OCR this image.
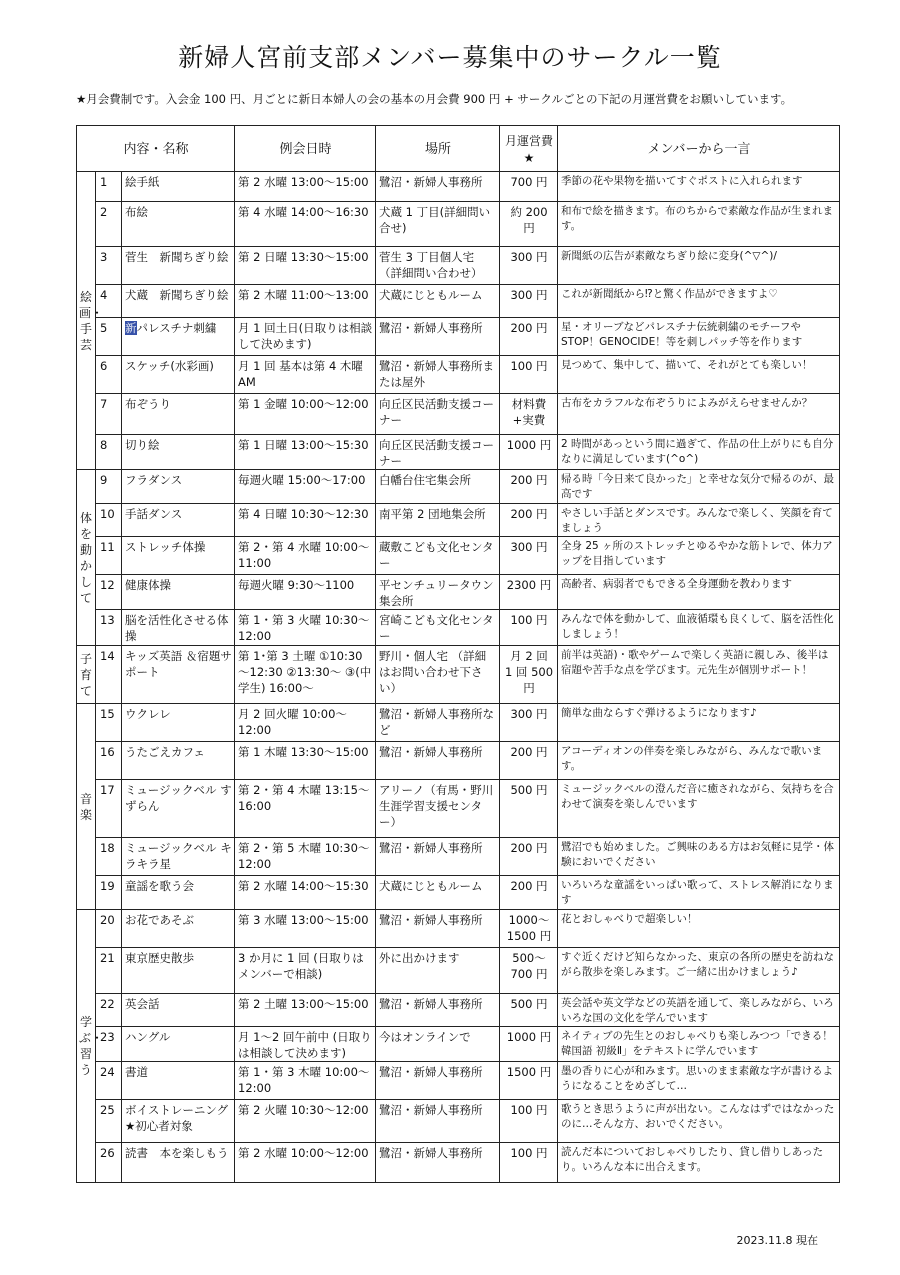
新婦人宮前支部メンバー募集中のサークル一覧
★月会費制です。入会金 100 円、月ごとに新日本婦人の会の基本の月会費 900 円 + サークルごとの下記の月運営費をお願いしています。
内容・名称			例会日時	場所	月運営費★	メンバーから一言

絵画・手芸	1	絵手紙	第 2 水曜 13:00～15:00	鷺沼・新婦人事務所	700 円	季節の花や果物を描いてすぐポストに入れられます
	2	布絵	第 4 水曜 14:00～16:30	犬蔵 1 丁目(詳細問い合せ)	約 200 円	和布で絵を描きます。布のちからで素敵な作品が生まれます。
	3	菅生　新聞ちぎり絵	第 2 日曜 13:30～15:00	菅生 3 丁目個人宅（詳細問い合わせ）	300 円	新聞紙の広告が素敵なちぎり絵に変身(^▽^)/
	4	犬蔵　新聞ちぎり絵	第 2 木曜 11:00～13:00	犬蔵にじともルーム	300 円	これが新聞紙から⁉と驚く作品ができますよ♡
	5	新パレスチナ刺繍	月 1 回土日(日取りは相談して決めます)	鷺沼・新婦人事務所	200 円	星・オリーブなどパレスチナ伝統刺繍のモチーフや STOP！GENOCIDE！等を刺しパッチ等を作ります
	6	スケッチ(水彩画)	月 1 回 基本は第 4 木曜 AM	鷺沼・新婦人事務所または屋外	100 円	見つめて、集中して、描いて、それがとても楽しい！
	7	布ぞうり	第 1 金曜 10:00～12:00	向丘区民活動支援コーナー	材料費+実費	古布をカラフルな布ぞうりによみがえらせませんか？
	8	切り絵	第 1 日曜 13:00～15:30	向丘区民活動支援コーナー	1000 円	2 時間があっという間に過ぎて、作品の仕上がりにも自分なりに満足しています(^o^)

体を動かして	9	フラダンス	毎週火曜 15:00～17:00	白幡台住宅集会所	200 円	帰る時「今日来て良かった」と幸せな気分で帰るのが、最高です
	10	手話ダンス	第 4 日曜 10:30～12:30	南平第 2 団地集会所	200 円	やさしい手話とダンスです。みんなで楽しく、笑顔を育てましょう
	11	ストレッチ体操	第 2・第 4 水曜 10:00～11:00	蔵敷こども文化センター	300 円	全身 25 ヶ所のストレッチとゆるやかな筋トレで、体力アップを目指しています
	12	健康体操	毎週火曜 9:30～1100	平センチュリータウン集会所	2300 円	高齢者、病弱者でもできる全身運動を教わります
	13	脳を活性化させる体操	第 1・第 3 火曜 10:30～12:00	宮崎こども文化センター	100 円	みんなで体を動かして、血液循環も良くして、脳を活性化しましょう！

子育て	14	キッズ英語 ＆宿題サポート	第 1･第 3 土曜 ①10:30～12:30 ②13:30～ ③(中学生) 16:00～	野川・個人宅 （詳細はお問い合わせ下さい）	月 2 回　1 回 500 円	前半は英語)・歌やゲームで楽しく英語に親しみ、後半は宿題や苦手な点を学びます。元先生が個別サポート！

音楽	15	ウクレレ	月 2 回火曜 10:00～12:00	鷺沼・新婦人事務所など	300 円	簡単な曲ならすぐ弾けるようになります♪
	16	うたごえカフェ	第 1 木曜 13:30～15:00	鷺沼・新婦人事務所	200 円	アコーディオンの伴奏を楽しみながら、みんなで歌います。
	17	ミュージックベル すずらん	第 2・第 4 木曜 13:15～16:00	アリーノ（有馬・野川生涯学習支援センター）	500 円	ミュージックベルの澄んだ音に癒されながら、気持ちを合わせて演奏を楽しんでいます
	18	ミュージックベル キラキラ星	第 2・第 5 木曜 10:30～12:00	鷺沼・新婦人事務所	200 円	鷺沼でも始めました。ご興味のある方はお気軽に見学・体験においでください
	19	童謡を歌う会	第 2 水曜 14:00～15:30	犬蔵にじともルーム	200 円	いろいろな童謡をいっぱい歌って、ストレス解消になります

学ぶ・習う	20	お花であそぶ	第 3 水曜 13:00～15:00	鷺沼・新婦人事務所	1000～1500 円	花とおしゃべりで超楽しい！
	21	東京歴史散歩	3 か月に 1 回 (日取りはメンバーで相談)	外に出かけます	500～700 円	すぐ近くだけど知らなかった、東京の各所の歴史を訪ねながら散歩を楽しみます。ご一緒に出かけましょう♪
	22	英会話	第 2 土曜 13:00～15:00	鷺沼・新婦人事務所	500 円	英会話や英文学などの英語を通して、楽しみながら、いろいろな国の文化を学んでいます
	23	ハングル	月 1～2 回午前中 (日取りは相談して決めます)	今はオンラインで	1000 円	ネイティブの先生とのおしゃべりも楽しみつつ「できる！韓国語 初級Ⅱ」をテキストに学んでいます
	24	書道	第 1・第 3 木曜 10:00～12:00	鷺沼・新婦人事務所	1500 円	墨の香りに心が和みます。思いのまま素敵な字が書けるようになることをめざして…
	25	ボイストレーニング　★初心者対象	第 2 火曜 10:30～12:00	鷺沼・新婦人事務所	100 円	歌うとき思うように声が出ない。こんなはずではなかったのに…そんな方、おいでください。
	26	読書　本を楽しもう	第 2 水曜 10:00～12:00	鷺沼・新婦人事務所	100 円	読んだ本についておしゃべりしたり、貸し借りしあったり。いろんな本に出合えます。
2023.11.8 現在
